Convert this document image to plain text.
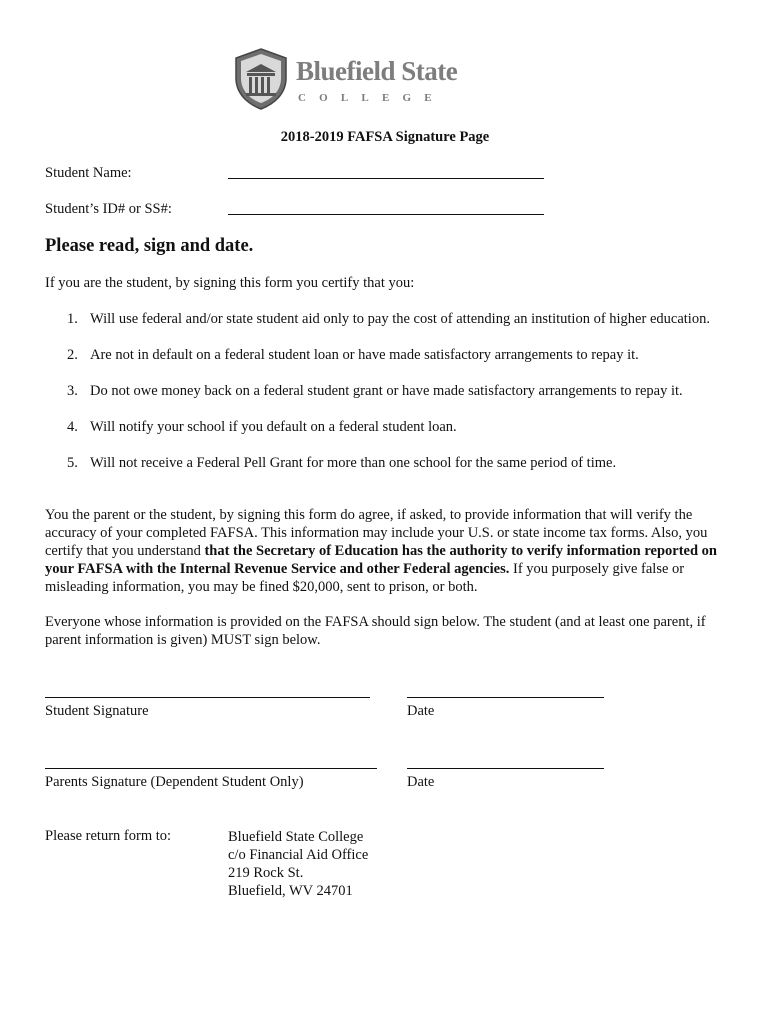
Bluefield State
COLLEGE
2018-2019 FAFSA Signature Page
Student Name:
Student’s ID# or SS#:
Please read, sign and date.

If you are the student, by signing this form you certify that you:

1. Will use federal and/or state student aid only to pay the cost of attending an institution of higher education.
2. Are not in default on a federal student loan or have made satisfactory arrangements to repay it.
3. Do not owe money back on a federal student grant or have made satisfactory arrangements to repay it.
4. Will notify your school if you default on a federal student loan.
5. Will not receive a Federal Pell Grant for more than one school for the same period of time.

You the parent or the student, by signing this form do agree, if asked, to provide information that will verify the accuracy of your completed FAFSA. This information may include your U.S. or state income tax forms. Also, you certify that you understand that the Secretary of Education has the authority to verify information reported on your FAFSA with the Internal Revenue Service and other Federal agencies. If you purposely give false or misleading information, you may be fined $20,000, sent to prison, or both.

Everyone whose information is provided on the FAFSA should sign below. The student (and at least one parent, if parent information is given) MUST sign below.

Student Signature	Date
Parents Signature (Dependent Student Only)	Date
Please return form to:	Bluefield State College
c/o Financial Aid Office
219 Rock St.
Bluefield, WV 24701
